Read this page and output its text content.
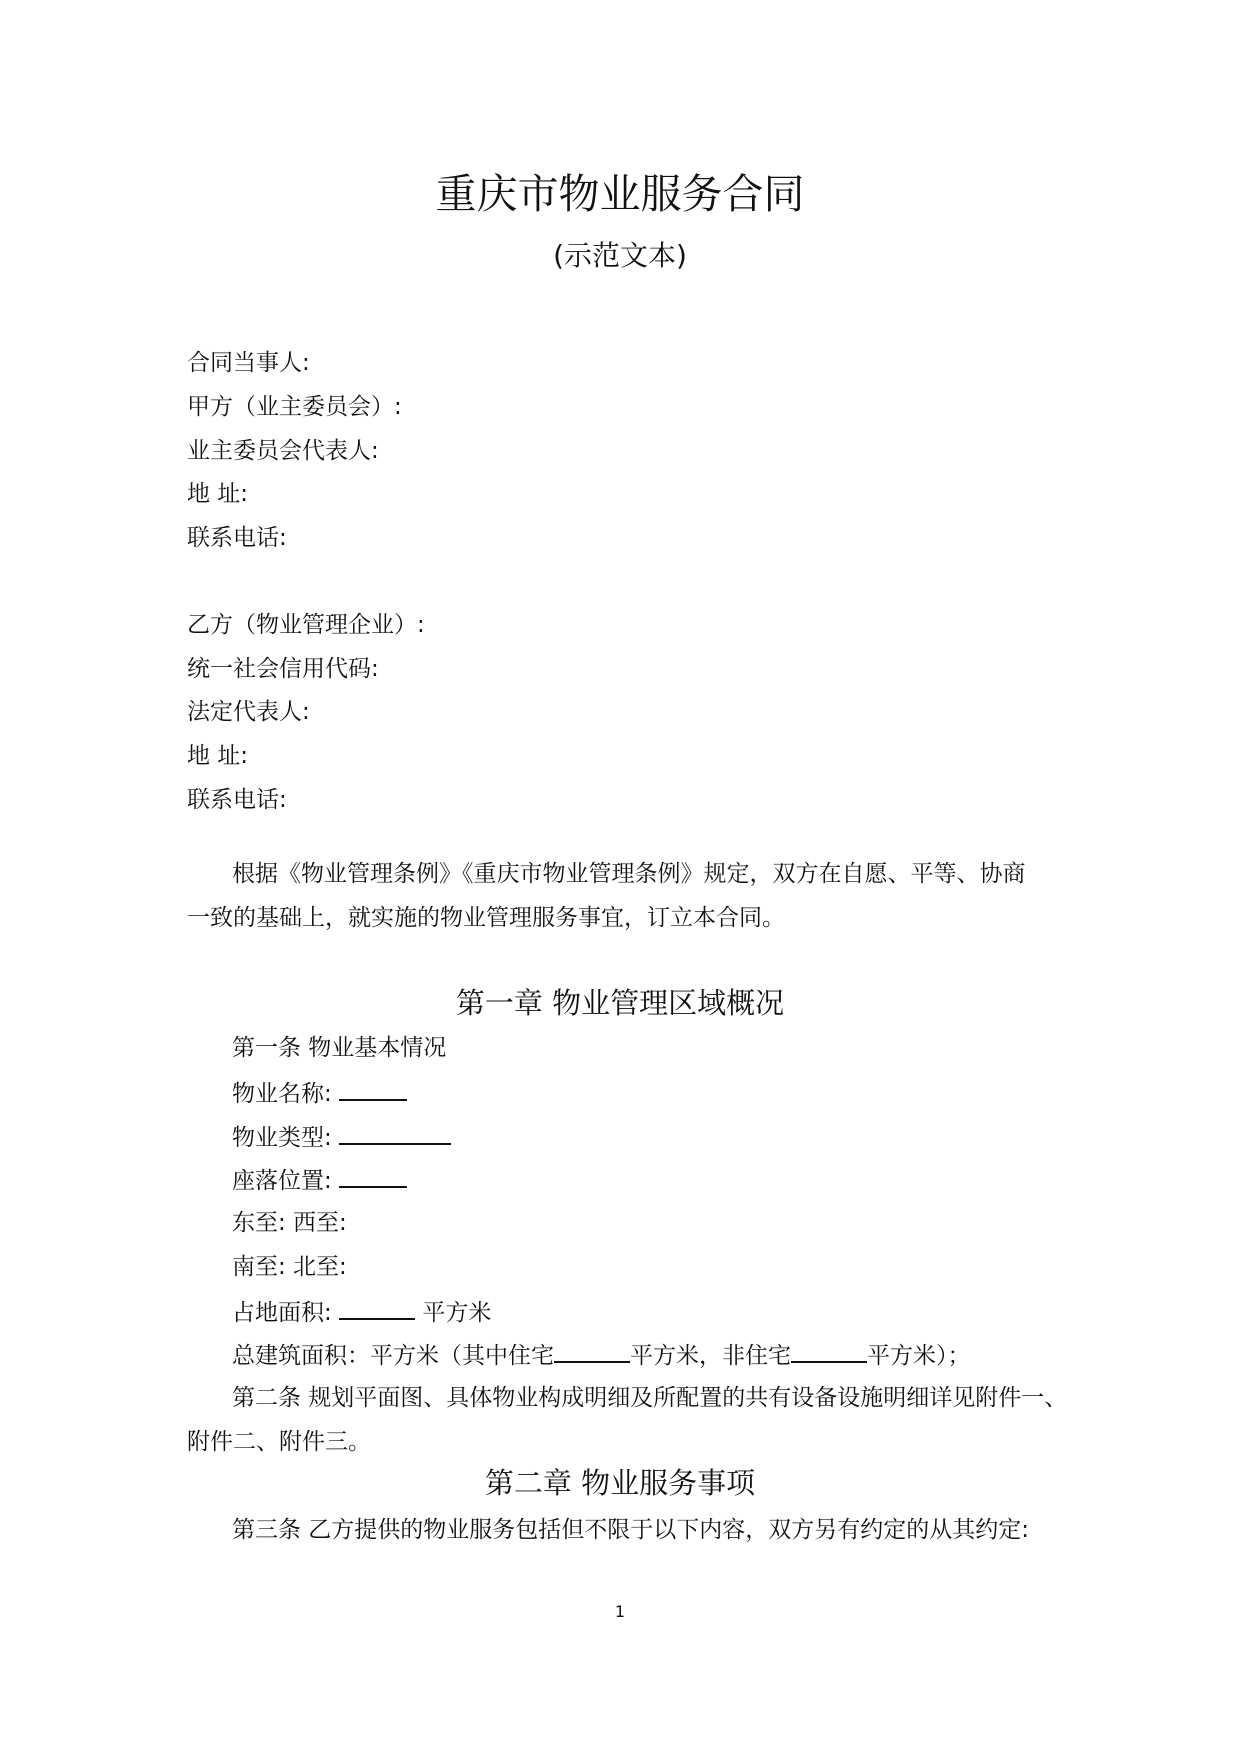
重庆市物业服务合同
(示范文本)
合同当事人:
甲方（业主委员会）:
业主委员会代表人:
地 址:
联系电话:
乙方（物业管理企业）:
统一社会信用代码:
法定代表人:
地 址:
联系电话:
根据《物业管理条例》《重庆市物业管理条例》规定，双方在自愿、平等、协商
一致的基础上，就实施的物业管理服务事宜，订立本合同。
第一章 物业管理区域概况
第一条 物业基本情况
物业名称:
物业类型:
座落位置:
东至: 西至:
南至: 北至:
占地面积:	平方米
总建筑面积：平方米（其中住宅	平方米，非住宅	平方米）；
第二条 规划平面图、具体物业构成明细及所配置的共有设备设施明细详见附件一、
附件二、附件三。
第二章 物业服务事项
第三条 乙方提供的物业服务包括但不限于以下内容，双方另有约定的从其约定:
1
